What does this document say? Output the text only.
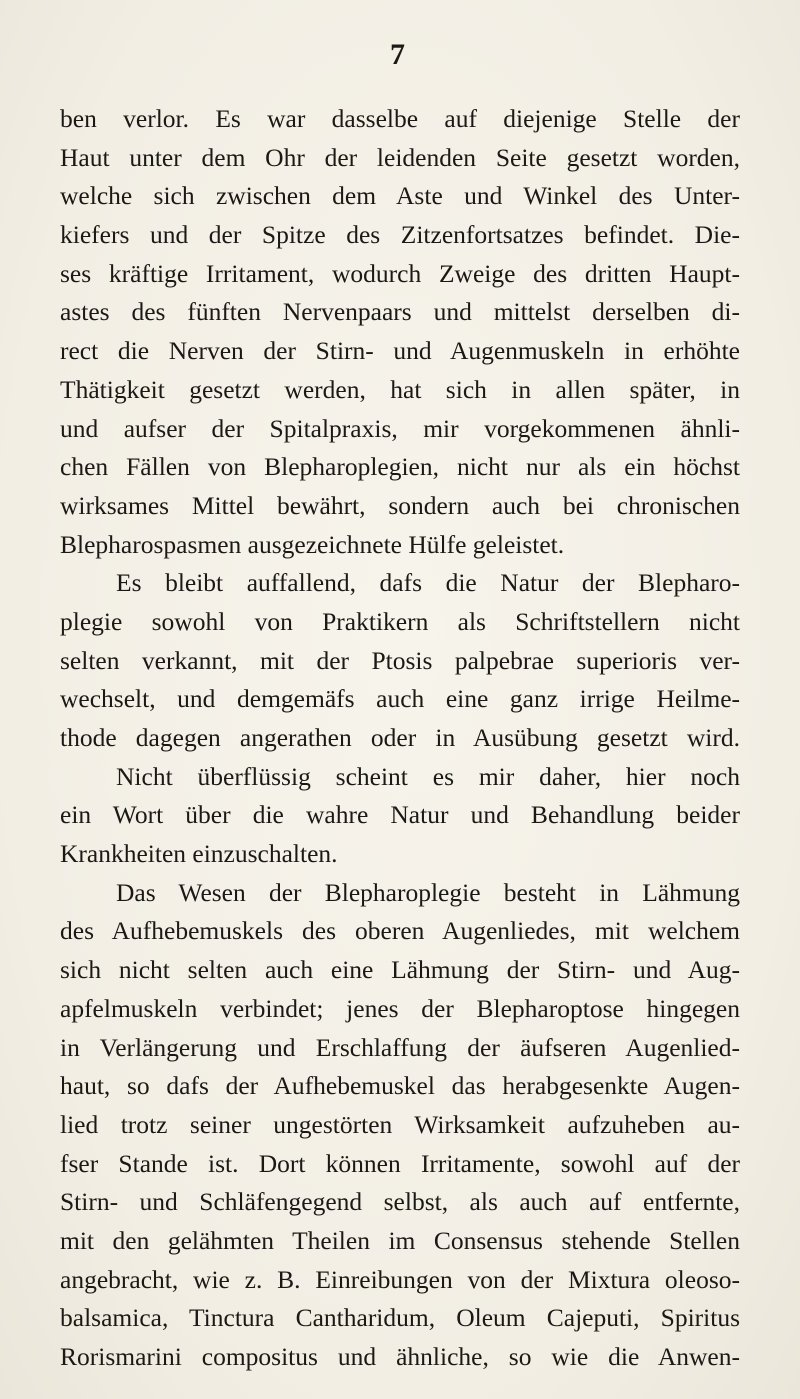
7
ben verlor. Es war dasselbe auf diejenige Stelle der
Haut unter dem Ohr der leidenden Seite gesetzt worden,
welche sich zwischen dem Aste und Winkel des Unter-
kiefers und der Spitze des Zitzenfortsatzes befindet. Die-
ses kräftige Irritament, wodurch Zweige des dritten Haupt-
astes des fünften Nervenpaars und mittelst derselben di-
rect die Nerven der Stirn- und Augenmuskeln in erhöhte
Thätigkeit gesetzt werden, hat sich in allen später, in
und aufser der Spitalpraxis, mir vorgekommenen ähnli-
chen Fällen von Blepharoplegien, nicht nur als ein höchst
wirksames Mittel bewährt, sondern auch bei chronischen
Blepharospasmen ausgezeichnete Hülfe geleistet.
Es bleibt auffallend, dafs die Natur der Blepharo-
plegie sowohl von Praktikern als Schriftstellern nicht
selten verkannt, mit der Ptosis palpebrae superioris ver-
wechselt, und demgemäfs auch eine ganz irrige Heilme-
thode dagegen angerathen oder in Ausübung gesetzt wird.
Nicht überflüssig scheint es mir daher, hier noch
ein Wort über die wahre Natur und Behandlung beider
Krankheiten einzuschalten.
Das Wesen der Blepharoplegie besteht in Lähmung
des Aufhebemuskels des oberen Augenliedes, mit welchem
sich nicht selten auch eine Lähmung der Stirn- und Aug-
apfelmuskeln verbindet; jenes der Blepharoptose hingegen
in Verlängerung und Erschlaffung der äufseren Augenlied-
haut, so dafs der Aufhebemuskel das herabgesenkte Augen-
lied trotz seiner ungestörten Wirksamkeit aufzuheben au-
fser Stande ist. Dort können Irritamente, sowohl auf der
Stirn- und Schläfengegend selbst, als auch auf entfernte,
mit den gelähmten Theilen im Consensus stehende Stellen
angebracht, wie z. B. Einreibungen von der Mixtura oleoso-
balsamica, Tinctura Cantharidum, Oleum Cajeputi, Spiritus
Rorismarini compositus und ähnliche, so wie die Anwen-
